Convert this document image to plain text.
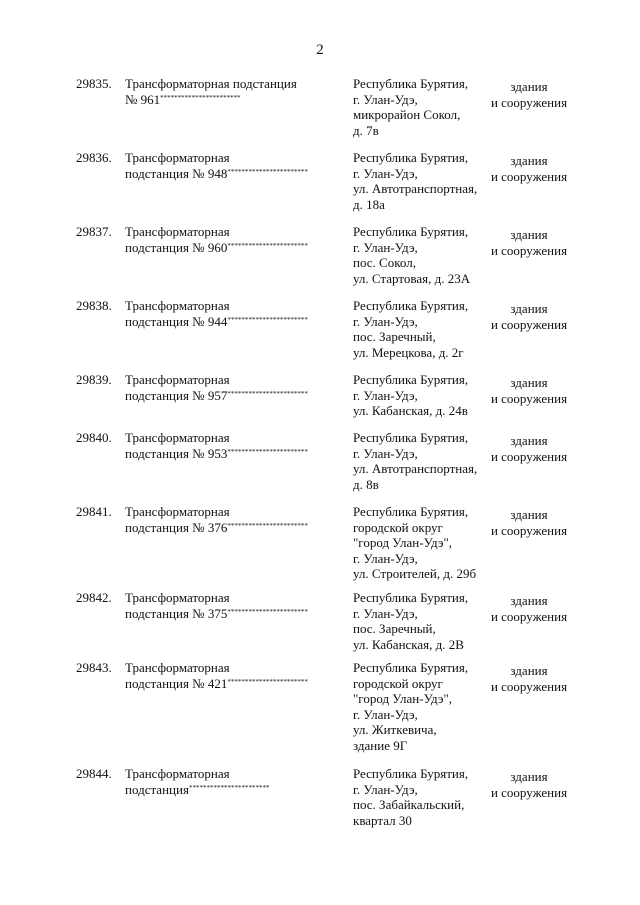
2
29835. Трансформаторная подстанция
№ 961***********************
Республика Бурятия,
г. Улан-Удэ,
микрорайон Сокол,
д. 7в
здания
и сооружения
29836. Трансформаторная
подстанция № 948***********************
Республика Бурятия,
г. Улан-Удэ,
ул. Автотранспортная,
д. 18а
здания
и сооружения
29837. Трансформаторная
подстанция № 960***********************
Республика Бурятия,
г. Улан-Удэ,
пос. Сокол,
ул. Стартовая, д. 23А
здания
и сооружения
29838. Трансформаторная
подстанция № 944***********************
Республика Бурятия,
г. Улан-Удэ,
пос. Заречный,
ул. Мерецкова, д. 2г
здания
и сооружения
29839. Трансформаторная
подстанция № 957***********************
Республика Бурятия,
г. Улан-Удэ,
ул. Кабанская, д. 24в
здания
и сооружения
29840. Трансформаторная
подстанция № 953***********************
Республика Бурятия,
г. Улан-Удэ,
ул. Автотранспортная,
д. 8в
здания
и сооружения
29841. Трансформаторная
подстанция № 376***********************
Республика Бурятия,
городской округ
"город Улан-Удэ",
г. Улан-Удэ,
ул. Строителей, д. 29б
здания
и сооружения
29842. Трансформаторная
подстанция № 375***********************
Республика Бурятия,
г. Улан-Удэ,
пос. Заречный,
ул. Кабанская, д. 2В
здания
и сооружения
29843. Трансформаторная
подстанция № 421***********************
Республика Бурятия,
городской округ
"город Улан-Удэ",
г. Улан-Удэ,
ул. Житкевича,
здание 9Г
здания
и сооружения
29844. Трансформаторная
подстанция***********************
Республика Бурятия,
г. Улан-Удэ,
пос. Забайкальский,
квартал 30
здания
и сооружения
